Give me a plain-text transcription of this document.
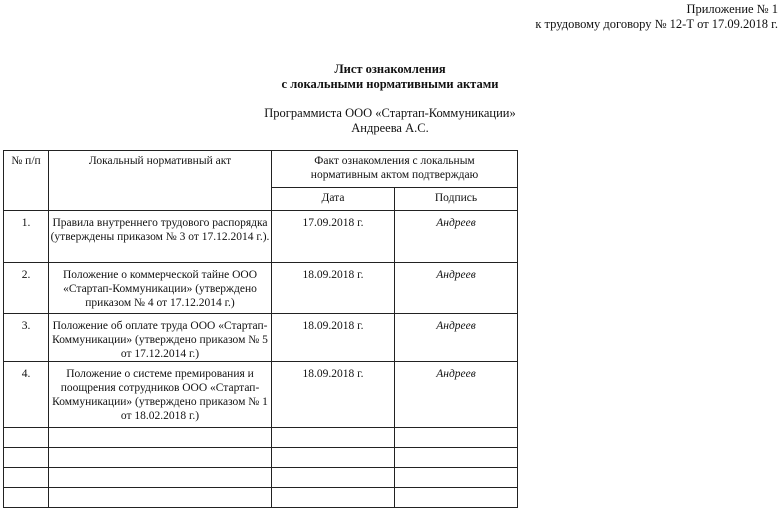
Приложение № 1
к трудовому договору № 12-Т от 17.09.2018 г.
Лист ознакомления
с локальными нормативными актами
Программиста ООО «Стартап-Коммуникации»
Андреева А.С.
№ п/п	Локальный нормативный акт	Факт ознакомления с локальным нормативным актом подтверждаю	
		Дата	Подпись
1.	Правила внутреннего трудового распорядка (утверждены приказом № 3 от 17.12.2014 г.).	17.09.2018 г.	Андреев
2.	Положение о коммерческой тайне ООО «Стартап-Коммуникации» (утверждено приказом № 4 от 17.12.2014 г.)	18.09.2018 г.	Андреев
3.	Положение об оплате труда ООО «Стартап-Коммуникации» (утверждено приказом № 5 от 17.12.2014 г.)	18.09.2018 г.	Андреев
4.	Положение о системе премирования и поощрения сотрудников ООО «Стартап-Коммуникации» (утверждено приказом № 1 от 18.02.2018 г.)	18.09.2018 г.	Андреев
